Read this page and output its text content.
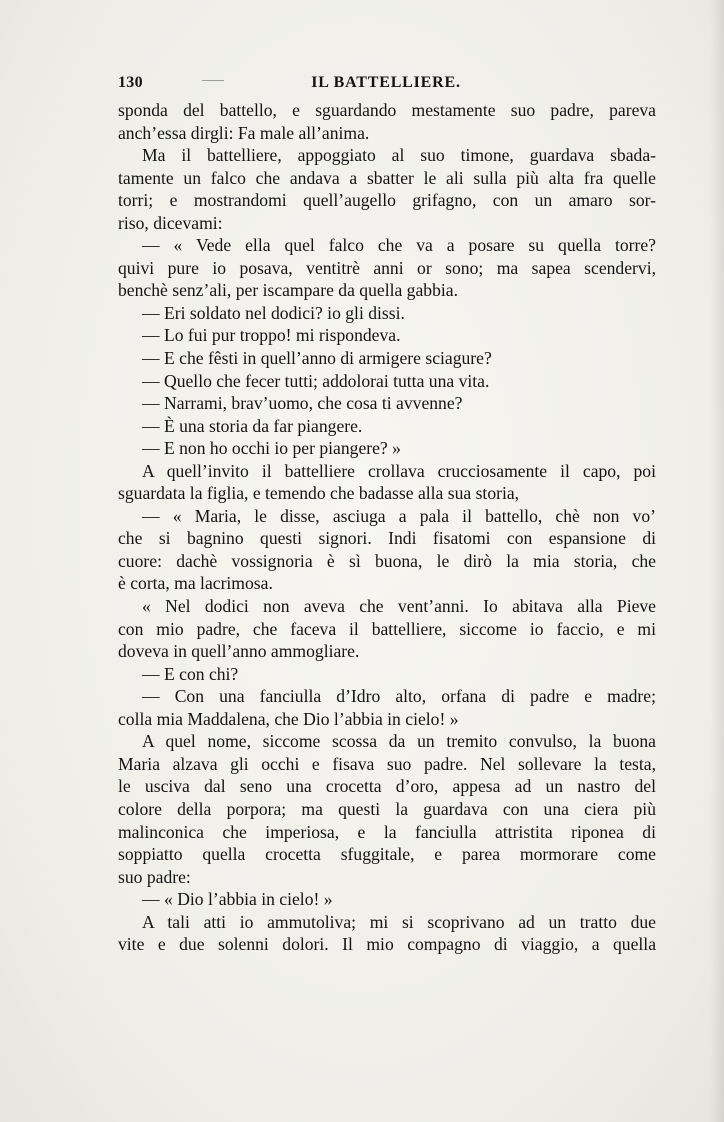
130	IL BATTELLIERE.
sponda del battello, e sguardando mestamente suo padre, pareva
anch’essa dirgli: Fa male all’anima.
Ma il battelliere, appoggiato al suo timone, guardava sbada-
tamente un falco che andava a sbatter le ali sulla più alta fra quelle
torri; e mostrandomi quell’augello grifagno, con un amaro sor-
riso, dicevami:
— « Vede ella quel falco che va a posare su quella torre?
quivi pure io posava, ventitrè anni or sono; ma sapea scendervi,
benchè senz’ali, per iscampare da quella gabbia.
— Eri soldato nel dodici? io gli dissi.
— Lo fui pur troppo! mi rispondeva.
— E che fêsti in quell’anno di armigere sciagure?
— Quello che fecer tutti; addolorai tutta una vita.
— Narrami, brav’uomo, che cosa ti avvenne?
— È una storia da far piangere.
— E non ho occhi io per piangere? »
A quell’invito il battelliere crollava crucciosamente il capo, poi
sguardata la figlia, e temendo che badasse alla sua storia,
— « Maria, le disse, asciuga a pala il battello, chè non vo’
che si bagnino questi signori. Indi fisatomi con espansione di
cuore: dachè vossignoria è sì buona, le dirò la mia storia, che
è corta, ma lacrimosa.
« Nel dodici non aveva che vent’anni. Io abitava alla Pieve
con mio padre, che faceva il battelliere, siccome io faccio, e mi
doveva in quell’anno ammogliare.
— E con chi?
— Con una fanciulla d’Idro alto, orfana di padre e madre;
colla mia Maddalena, che Dio l’abbia in cielo! »
A quel nome, siccome scossa da un tremito convulso, la buona
Maria alzava gli occhi e fisava suo padre. Nel sollevare la testa,
le usciva dal seno una crocetta d’oro, appesa ad un nastro del
colore della porpora; ma questi la guardava con una ciera più
malinconica che imperiosa, e la fanciulla attristita riponea di
soppiatto quella crocetta sfuggitale, e parea mormorare come
suo padre:
— « Dio l’abbia in cielo! »
A tali atti io ammutoliva; mi si scoprivano ad un tratto due
vite e due solenni dolori. Il mio compagno di viaggio, a quella
